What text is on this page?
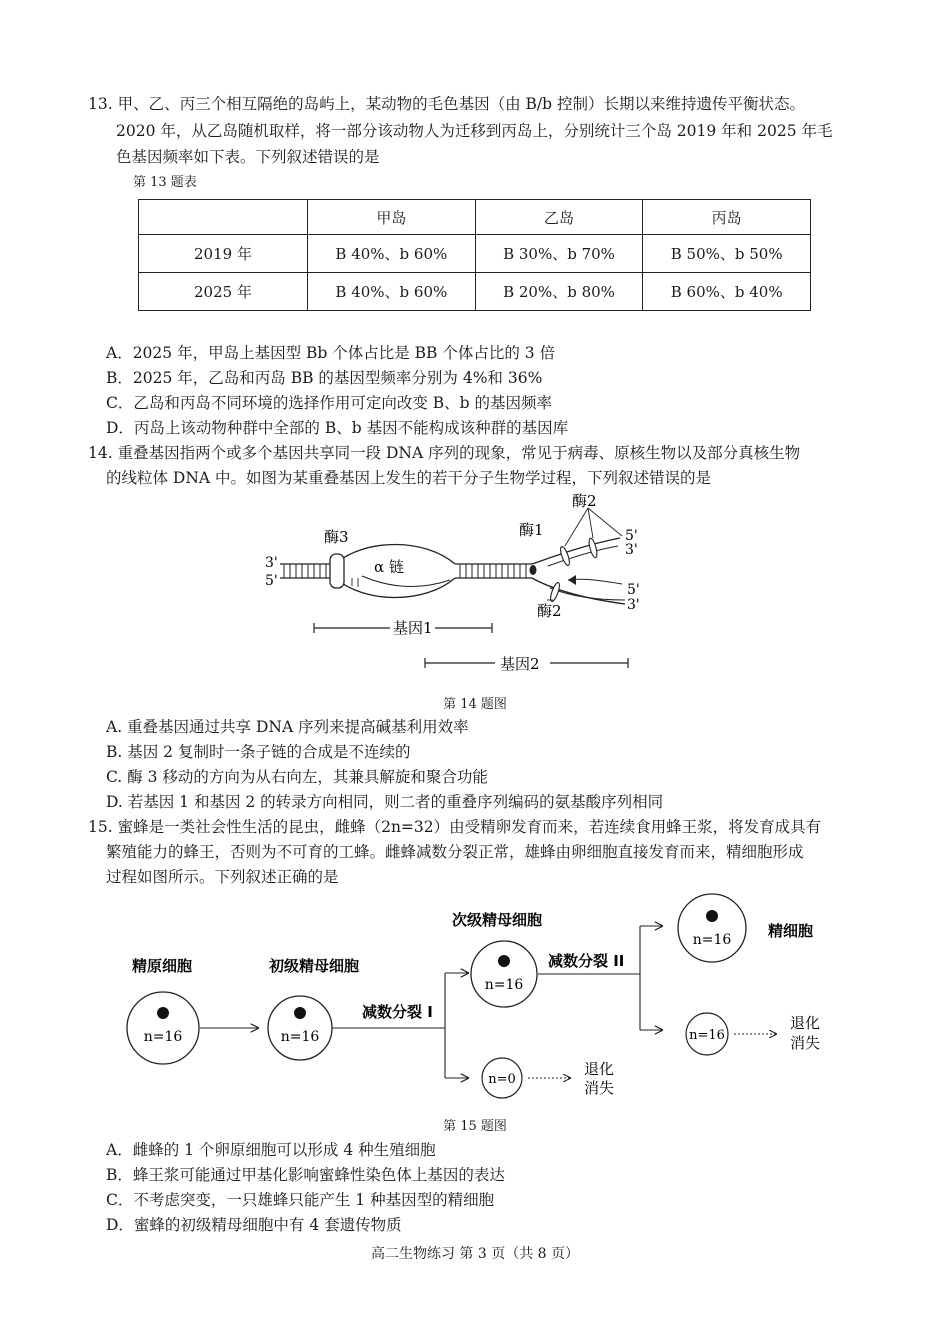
13. 甲、乙、丙三个相互隔绝的岛屿上，某动物的毛色基因（由 B/b 控制）长期以来维持遗传平衡状态。
2020 年，从乙岛随机取样，将一部分该动物人为迁移到丙岛上，分别统计三个岛 2019 年和 2025 年毛
色基因频率如下表。下列叙述错误的是
第 13 题表
	甲岛	乙岛	丙岛
2019 年	B 40%、b 60%	B 30%、b 70%	B 50%、b 50%
2025 年	B 40%、b 60%	B 20%、b 80%	B 60%、b 40%
A．2025 年，甲岛上基因型 Bb 个体占比是 BB 个体占比的 3 倍
B．2025 年，乙岛和丙岛 BB 的基因型频率分别为 4%和 36%
C．乙岛和丙岛不同环境的选择作用可定向改变 B、b 的基因频率
D．丙岛上该动物种群中全部的 B、b 基因不能构成该种群的基因库
14. 重叠基因指两个或多个基因共享同一段 DNA 序列的现象，常见于病毒、原核生物以及部分真核生物
的线粒体 DNA 中。如图为某重叠基因上发生的若干分子生物学过程，下列叙述错误的是
3'
5'
酶3
α 链
酶1
酶2
酶2
5'
3'
5'
3'
基因1
基因2
第 14 题图
A. 重叠基因通过共享 DNA 序列来提高碱基利用效率
B. 基因 2 复制时一条子链的合成是不连续的
C. 酶 3 移动的方向为从右向左，其兼具解旋和聚合功能
D. 若基因 1 和基因 2 的转录方向相同，则二者的重叠序列编码的氨基酸序列相同
15. 蜜蜂是一类社会性生活的昆虫，雌蜂（2n=32）由受精卵发育而来，若连续食用蜂王浆，将发育成具有
繁殖能力的蜂王，否则为不可育的工蜂。雌蜂减数分裂正常，雄蜂由卵细胞直接发育而来，精细胞形成
过程如图所示。下列叙述正确的是
n=16
精原细胞
n=16
初级精母细胞
减数分裂 I
n=16
次级精母细胞
n=0
退化
消失
减数分裂 II
n=16 精细胞
n=16
退化
消失
第 15 题图
A．雌蜂的 1 个卵原细胞可以形成 4 种生殖细胞
B．蜂王浆可能通过甲基化影响蜜蜂性染色体上基因的表达
C．不考虑突变，一只雄蜂只能产生 1 种基因型的精细胞
D．蜜蜂的初级精母细胞中有 4 套遗传物质
高二生物练习 第 3 页（共 8 页）
